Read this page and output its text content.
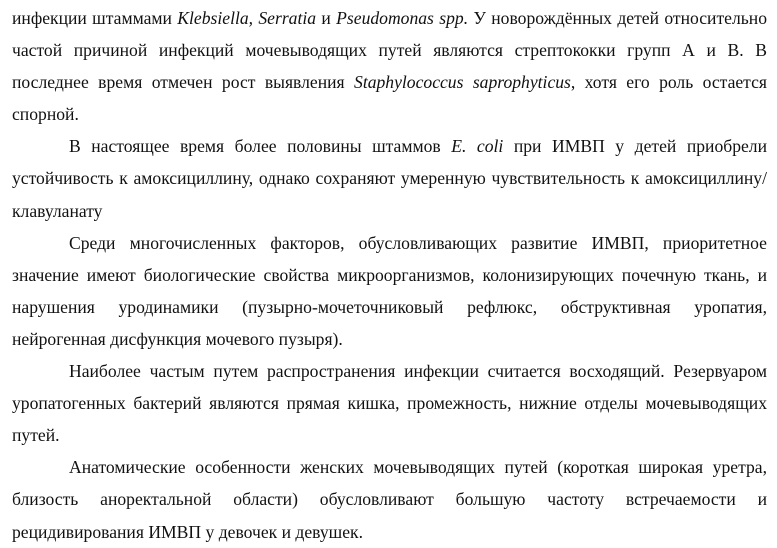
инфекции штаммами Klebsiella, Serratia и Pseudomonas spp. У новорождённых детей относительно частой причиной инфекций мочевыводящих путей являются стрептококки групп А и В. В последнее время отмечен рост выявления Staphylococcus saprophyticus, хотя его роль остается спорной.

В настоящее время более половины штаммов E. coli при ИМВП у детей приобрели устойчивость к амоксициллину, однако сохраняют умеренную чувствительность к амоксициллину/клавуланату

Среди многочисленных факторов, обусловливающих развитие ИМВП, приоритетное значение имеют биологические свойства микроорганизмов, колонизирующих почечную ткань, и нарушения уродинамики (пузырно-мочеточниковый рефлюкс, обструктивная уропатия, нейрогенная дисфункция мочевого пузыря).

Наиболее частым путем распространения инфекции считается восходящий. Резервуаром уропатогенных бактерий являются прямая кишка, промежность, нижние отделы мочевыводящих путей.

Анатомические особенности женских мочевыводящих путей (короткая широкая уретра, близость аноректальной области) обусловливают большую частоту встречаемости и рецидивирования ИМВП у девочек и девушек.
